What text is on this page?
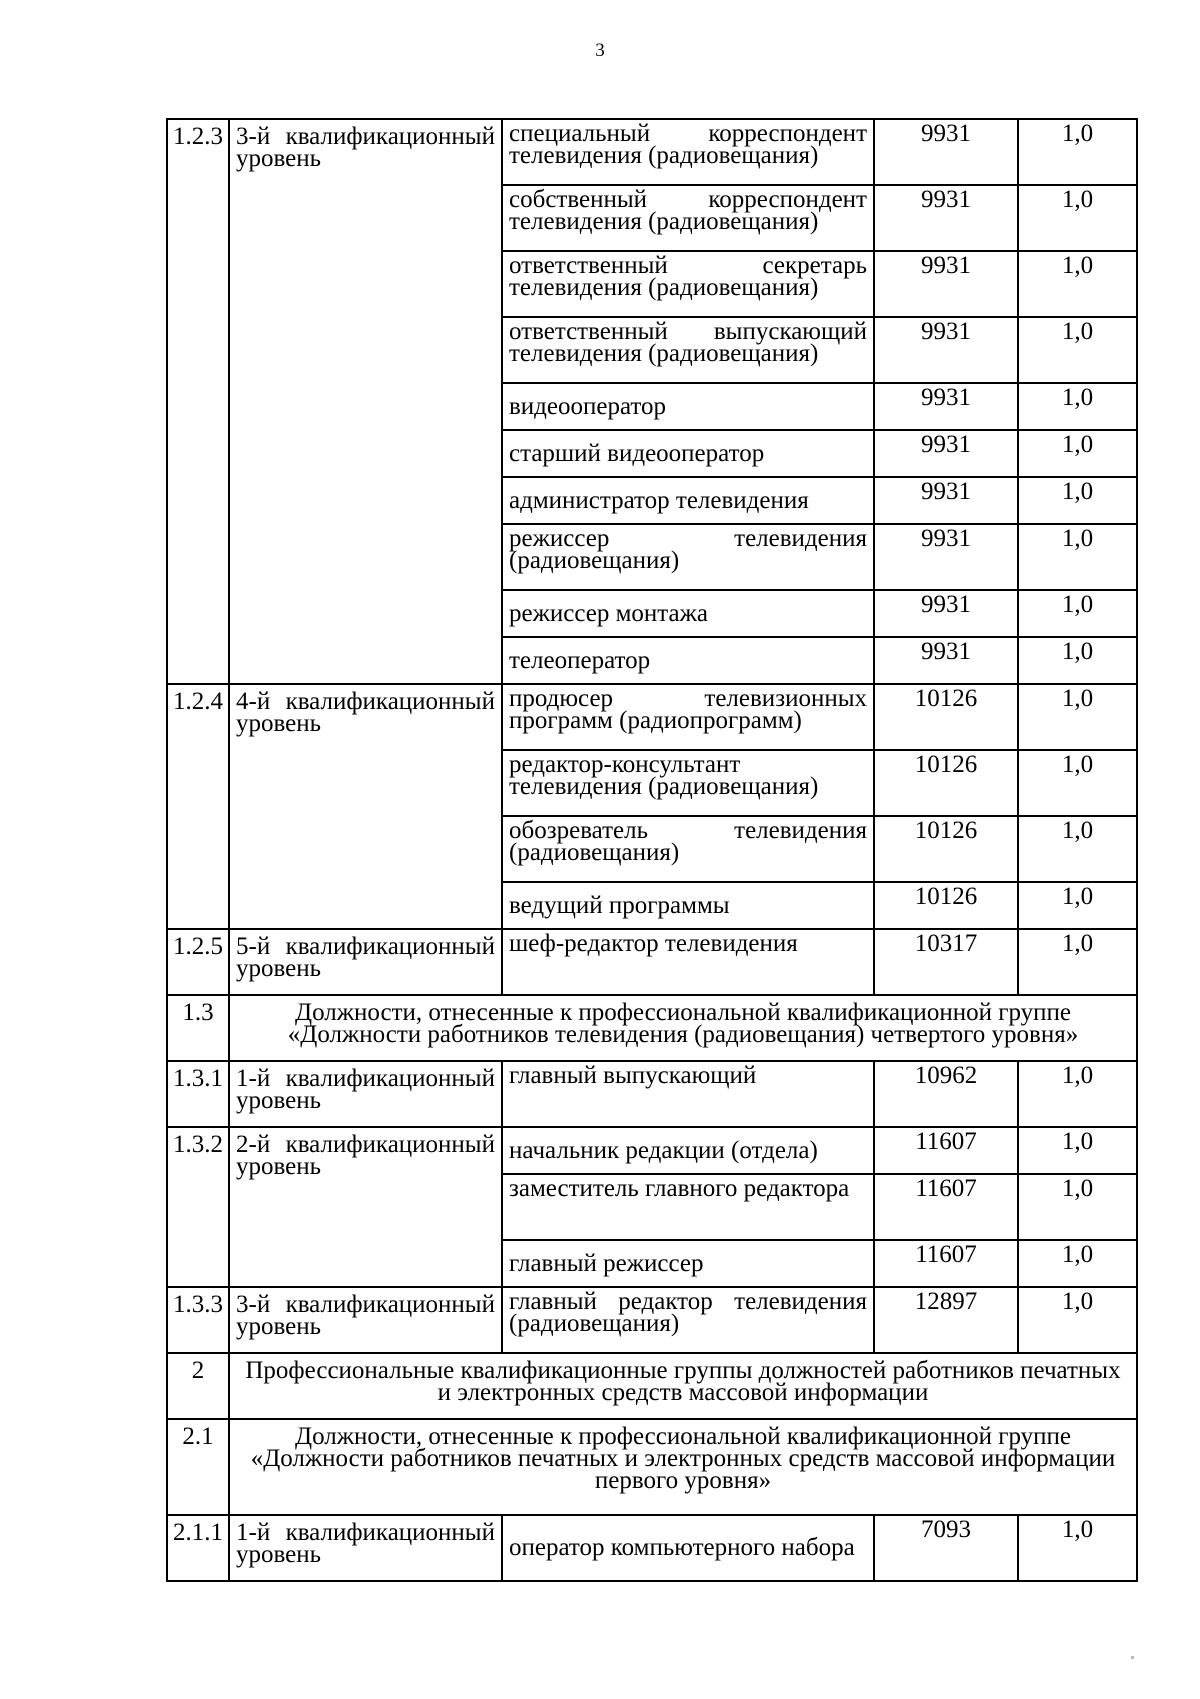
3
1.2.3	3-й квалификационный уровень	специальный корреспондент телевидения (радиовещания)	9931	1,0
		собственный корреспондент телевидения (радиовещания)	9931	1,0
		ответственный секретарь телевидения (радиовещания)	9931	1,0
		ответственный выпускающий телевидения (радиовещания)	9931	1,0
		видеооператор	9931	1,0
		старший видеооператор	9931	1,0
		администратор телевидения	9931	1,0
		режиссер телевидения (радиовещания)	9931	1,0
		режиссер монтажа	9931	1,0
		телеоператор	9931	1,0
1.2.4	4-й квалификационный уровень	продюсер телевизионных программ (радиопрограмм)	10126	1,0
		редактор-консультант телевидения (радиовещания)	10126	1,0
		обозреватель телевидения (радиовещания)	10126	1,0
		ведущий программы	10126	1,0
1.2.5	5-й квалификационный уровень	шеф-редактор телевидения	10317	1,0
1.3	Должности, отнесенные к профессиональной квалификационной группе «Должности работников телевидения (радиовещания) четвертого уровня»			
1.3.1	1-й квалификационный уровень	главный выпускающий	10962	1,0
1.3.2	2-й квалификационный уровень	начальник редакции (отдела)	11607	1,0
		заместитель главного редактора	11607	1,0
		главный режиссер	11607	1,0
1.3.3	3-й квалификационный уровень	главный редактор телевидения (радиовещания)	12897	1,0
2	Профессиональные квалификационные группы должностей работников печатных и электронных средств массовой информации			
2.1	Должности, отнесенные к профессиональной квалификационной группе «Должности работников печатных и электронных средств массовой информации первого уровня»			
2.1.1	1-й квалификационный уровень	оператор компьютерного набора	7093	1,0
